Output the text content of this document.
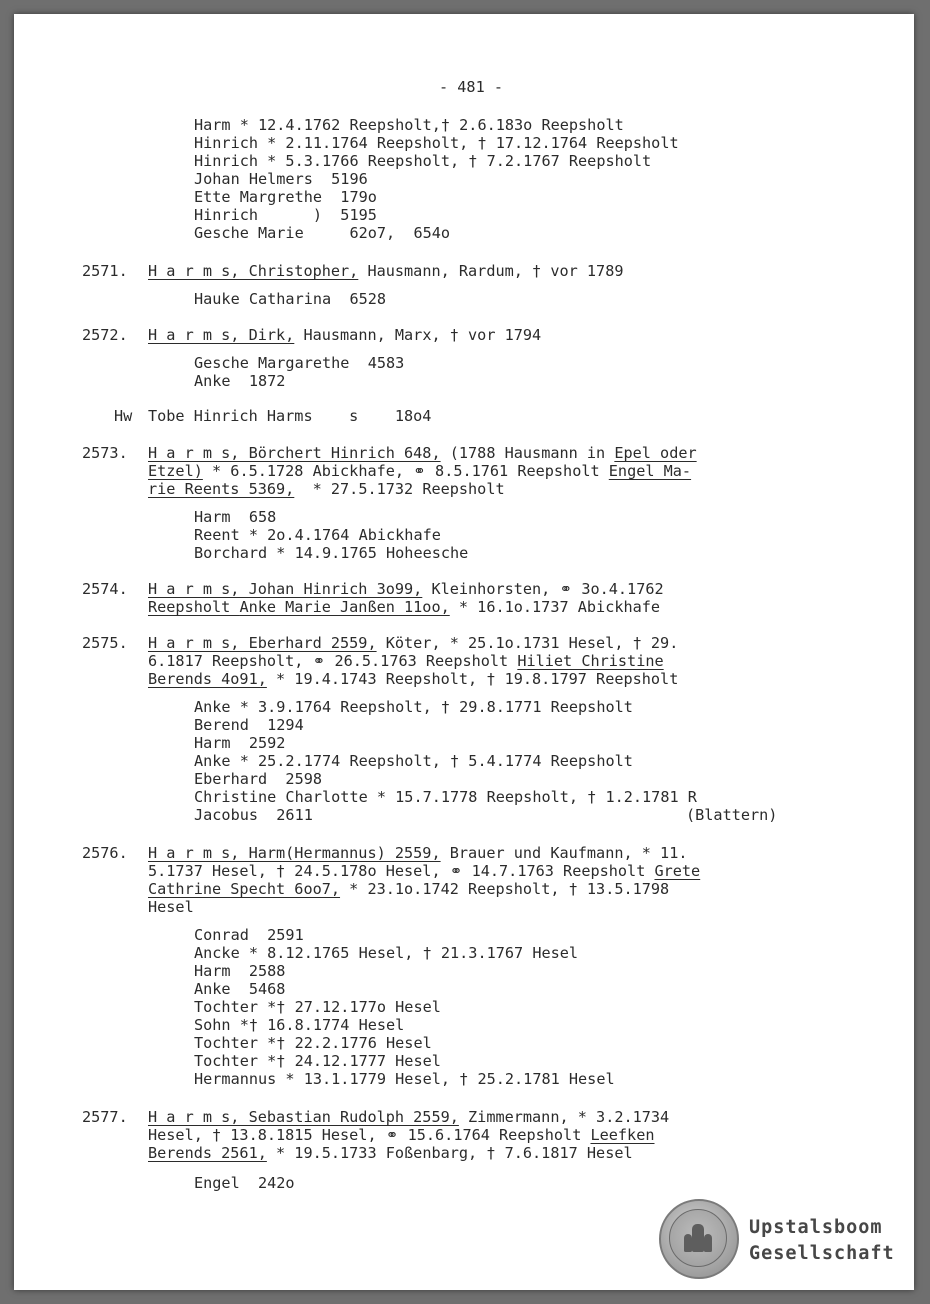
- 481 -
Harm * 12.4.1762 Reepsholt,† 2.6.183o Reepsholt
Hinrich * 2.11.1764 Reepsholt, † 17.12.1764 Reepsholt
Hinrich * 5.3.1766 Reepsholt, † 7.2.1767 Reepsholt
Johan Helmers  5196
Ette Margrethe  179o
Hinrich      )  5195
Gesche Marie     62o7,  654o
2571. H a r m s, Christopher, Hausmann, Rardum, † vor 1789
Hauke Catharina  6528
2572. H a r m s, Dirk, Hausmann, Marx, † vor 1794
Gesche Margarethe  4583
Anke  1872
Hw Tobe Hinrich Harms    s    18o4
2573. H a r m s, Börchert Hinrich 648, (1788 Hausmann in Epel oder
Etzel) * 6.5.1728 Abickhafe, ⚭ 8.5.1761 Reepsholt Engel Ma-
rie Reents 5369,  * 27.5.1732 Reepsholt
Harm  658
Reent * 2o.4.1764 Abickhafe
Borchard * 14.9.1765 Hoheesche
2574. H a r m s, Johan Hinrich 3o99, Kleinhorsten, ⚭ 3o.4.1762
Reepsholt Anke Marie Janßen 11oo, * 16.1o.1737 Abickhafe
2575. H a r m s, Eberhard 2559, Köter, * 25.1o.1731 Hesel, † 29.
6.1817 Reepsholt, ⚭ 26.5.1763 Reepsholt Hiliet Christine
Berends 4o91, * 19.4.1743 Reepsholt, † 19.8.1797 Reepsholt
Anke * 3.9.1764 Reepsholt, † 29.8.1771 Reepsholt
Berend  1294
Harm  2592
Anke * 25.2.1774 Reepsholt, † 5.4.1774 Reepsholt
Eberhard  2598
Christine Charlotte * 15.7.1778 Reepsholt, † 1.2.1781 R
Jacobus  2611	(Blattern)
2576. H a r m s, Harm(Hermannus) 2559, Brauer und Kaufmann, * 11.
5.1737 Hesel, † 24.5.178o Hesel, ⚭ 14.7.1763 Reepsholt Grete
Cathrine Specht 6oo7, * 23.1o.1742 Reepsholt, † 13.5.1798
Hesel
Conrad  2591
Ancke * 8.12.1765 Hesel, † 21.3.1767 Hesel
Harm  2588
Anke  5468
Tochter *† 27.12.177o Hesel
Sohn *† 16.8.1774 Hesel
Tochter *† 22.2.1776 Hesel
Tochter *† 24.12.1777 Hesel
Hermannus * 13.1.1779 Hesel, † 25.2.1781 Hesel
2577. H a r m s, Sebastian Rudolph 2559, Zimmermann, * 3.2.1734
Hesel, † 13.8.1815 Hesel, ⚭ 15.6.1764 Reepsholt Leefken
Berends 2561, * 19.5.1733 Foßenbarg, † 7.6.1817 Hesel
Engel  242o
Upstalsboom
Gesellschaft
